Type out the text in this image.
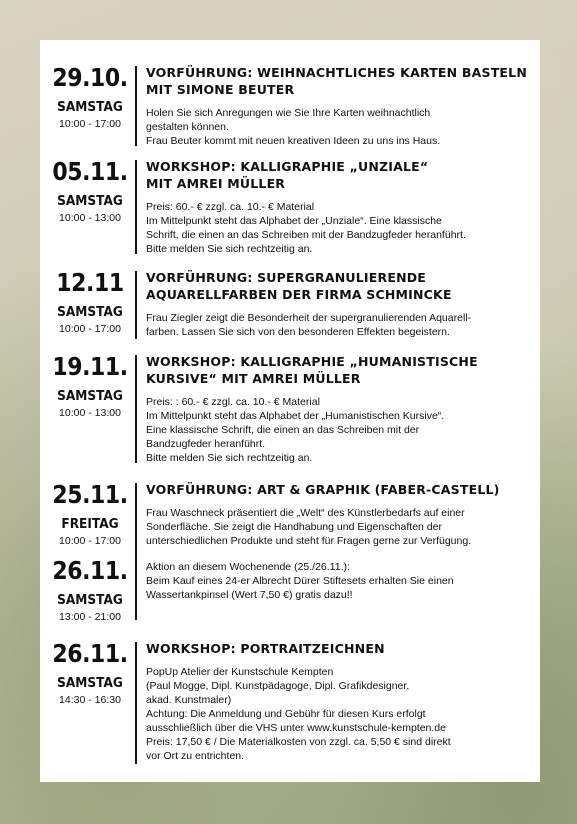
29.10.
SAMSTAG
10:00 - 17:00
VORFÜHRUNG: WEIHNACHTLICHES KARTEN BASTELN
MIT SIMONE BEUTER

Holen Sie sich Anregungen wie Sie Ihre Karten weihnachtlich

gestalten können.

Frau Beuter kommt mit neuen kreativen Ideen zu uns ins Haus.

05.11.
SAMSTAG
10:00 - 13:00
WORKSHOP: KALLIGRAPHIE „UNZIALE“
MIT AMREI MÜLLER

Preis: 60.- € zzgl. ca. 10.- € Material

Im Mittelpunkt steht das Alphabet der „Unziale“. Eine klassische

Schrift, die einen an das Schreiben mit der Bandzugfeder heranführt.

Bitte melden Sie sich rechtzeitig an.

12.11
SAMSTAG
10:00 - 17:00
VORFÜHRUNG: SUPERGRANULIERENDE
AQUARELLFARBEN DER FIRMA SCHMINCKE

Frau Ziegler zeigt die Besonderheit der supergranulierenden Aquarell-

farben. Lassen Sie sich von den besonderen Effekten begeistern.

19.11.
SAMSTAG
10:00 - 13:00
WORKSHOP: KALLIGRAPHIE „HUMANISTISCHE
KURSIVE“ MIT AMREI MÜLLER

Preis: : 60.- € zzgl. ca. 10.- € Material

Im Mittelpunkt steht das Alphabet der „Humanistischen Kursive“.

Eine klassische Schrift, die einen an das Schreiben mit der

Bandzugfeder heranführt.

Bitte melden Sie sich rechtzeitig an.

25.11.
FREITAG
10:00 - 17:00
VORFÜHRUNG: ART & GRAPHIK (FABER-CASTELL)

Frau Waschneck präsentiert die „Welt“ des Künstlerbedarfs auf einer

Sonderfläche. Sie zeigt die Handhabung und Eigenschaften der

unterschiedlichen Produkte und steht für Fragen gerne zur Verfügung.

26.11.
SAMSTAG
13:00 - 21:00

Aktion an diesem Wochenende (25./26.11.):

Beim Kauf eines 24-er Albrecht Dürer Stiftesets erhalten Sie einen

Wassertankpinsel (Wert 7,50 €) gratis dazu!!

26.11.
SAMSTAG
14:30 - 16:30
WORKSHOP: PORTRAITZEICHNEN

PopUp Atelier der Kunstschule Kempten

(Paul Mogge, Dipl. Kunstpädagoge, Dipl. Grafikdesigner,

akad. Kunstmaler)

Achtung: Die Anmeldung und Gebühr für diesen Kurs erfolgt

ausschließlich über die VHS unter www.kunstschule-kempten.de

Preis: 17,50 € / Die Materialkosten von zzgl. ca. 5,50 € sind direkt

vor Ort zu entrichten.
